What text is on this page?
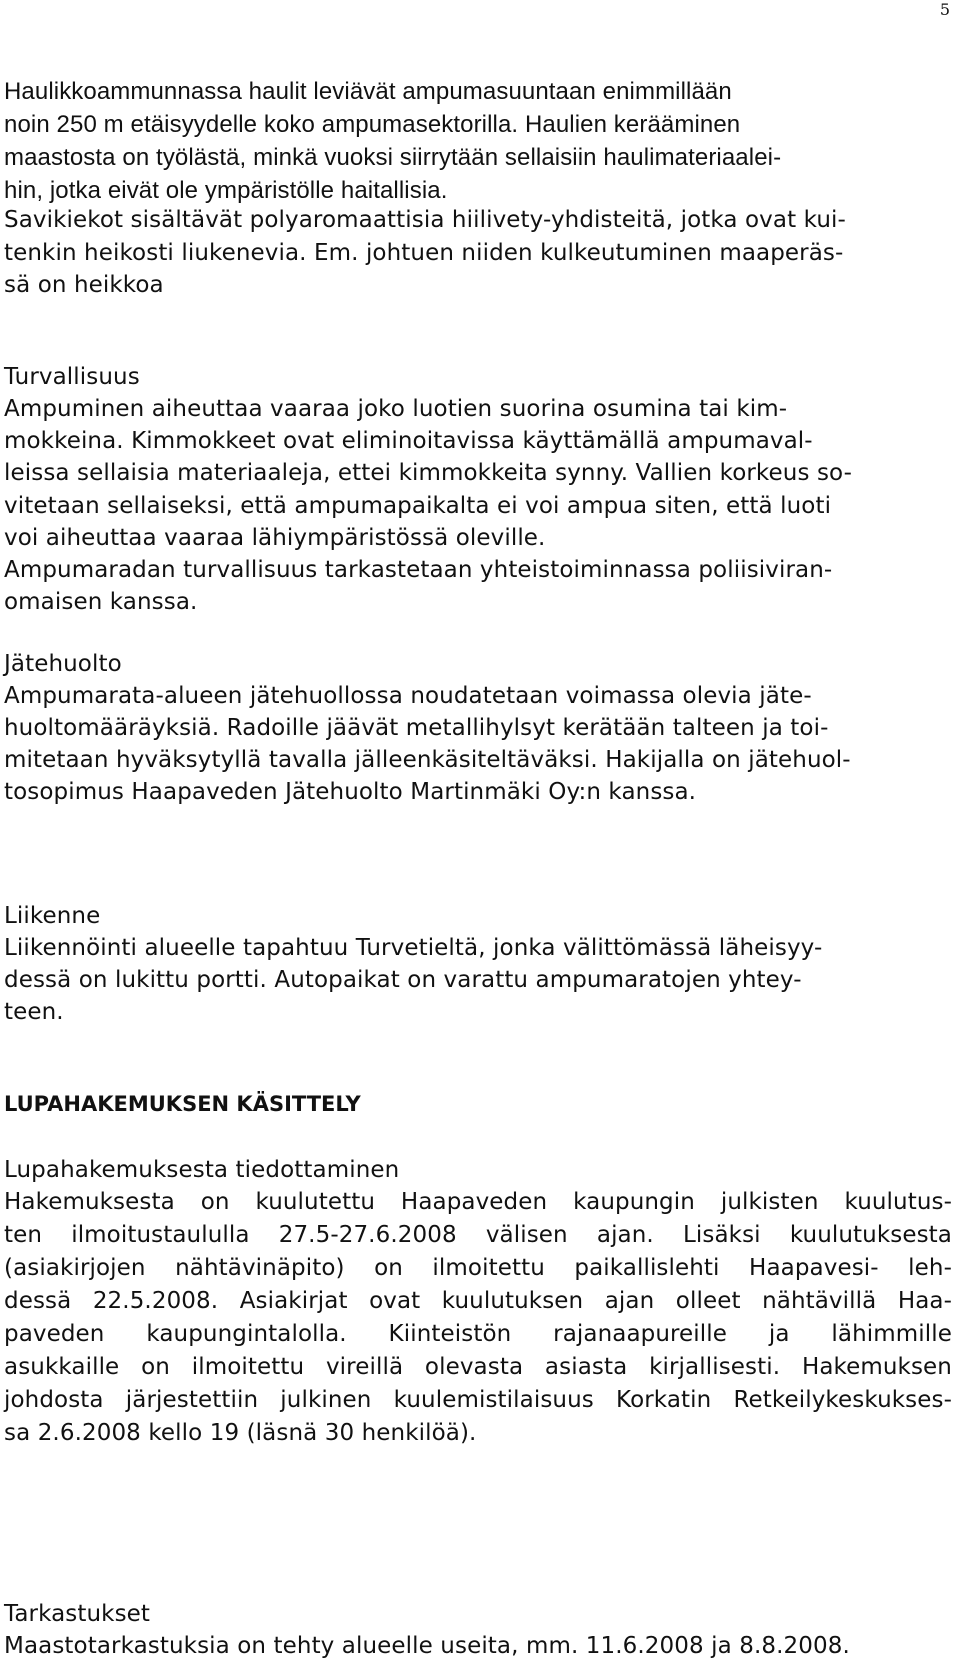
5
Haulikkoammunnassa haulit leviävät ampumasuuntaan enimmillään
noin 250 m etäisyydelle koko ampumasektorilla. Haulien kerääminen
maastosta on työlästä, minkä vuoksi siirrytään sellaisiin haulimateriaalei-
hin, jotka eivät ole ympäristölle haitallisia.
Savikiekot sisältävät polyaromaattisia hiilivety-yhdisteitä, jotka ovat kui-
tenkin heikosti liukenevia. Em. johtuen niiden kulkeutuminen maaperäs-
sä on heikkoa
Turvallisuus
Ampuminen aiheuttaa vaaraa joko luotien suorina osumina tai kim-
mokkeina. Kimmokkeet ovat eliminoitavissa käyttämällä ampumaval-
leissa sellaisia materiaaleja, ettei kimmokkeita synny. Vallien korkeus so-
vitetaan sellaiseksi, että ampumapaikalta ei voi ampua siten, että luoti
voi aiheuttaa vaaraa lähiympäristössä oleville.
Ampumaradan turvallisuus tarkastetaan yhteistoiminnassa poliisiviran-
omaisen kanssa.
Jätehuolto
Ampumarata-alueen jätehuollossa noudatetaan voimassa olevia jäte-
huoltomääräyksiä. Radoille jäävät metallihylsyt kerätään talteen ja toi-
mitetaan hyväksytyllä tavalla jälleenkäsiteltäväksi. Hakijalla on jätehuol-
tosopimus Haapaveden Jätehuolto Martinmäki Oy:n kanssa.
Liikenne
Liikennöinti alueelle tapahtuu Turvetieltä, jonka välittömässä läheisyy-
dessä on lukittu portti. Autopaikat on varattu ampumaratojen yhtey-
teen.
LUPAHAKEMUKSEN KÄSITTELY
Lupahakemuksesta tiedottaminen
Hakemuksesta on kuulutettu Haapaveden kaupungin julkisten kuulutus-
ten ilmoitustaululla 27.5-27.6.2008 välisen ajan. Lisäksi kuulutuksesta
(asiakirjojen nähtävinäpito) on ilmoitettu paikallislehti Haapavesi- leh-
dessä 22.5.2008. Asiakirjat ovat kuulutuksen ajan olleet nähtävillä Haa-
paveden kaupungintalolla. Kiinteistön rajanaapureille ja lähimmille
asukkaille on ilmoitettu vireillä olevasta asiasta kirjallisesti. Hakemuksen
johdosta järjestettiin julkinen kuulemistilaisuus Korkatin Retkeilykeskukses-
sa 2.6.2008 kello 19 (läsnä 30 henkilöä).
Tarkastukset
Maastotarkastuksia on tehty alueelle useita, mm. 11.6.2008 ja 8.8.2008.
